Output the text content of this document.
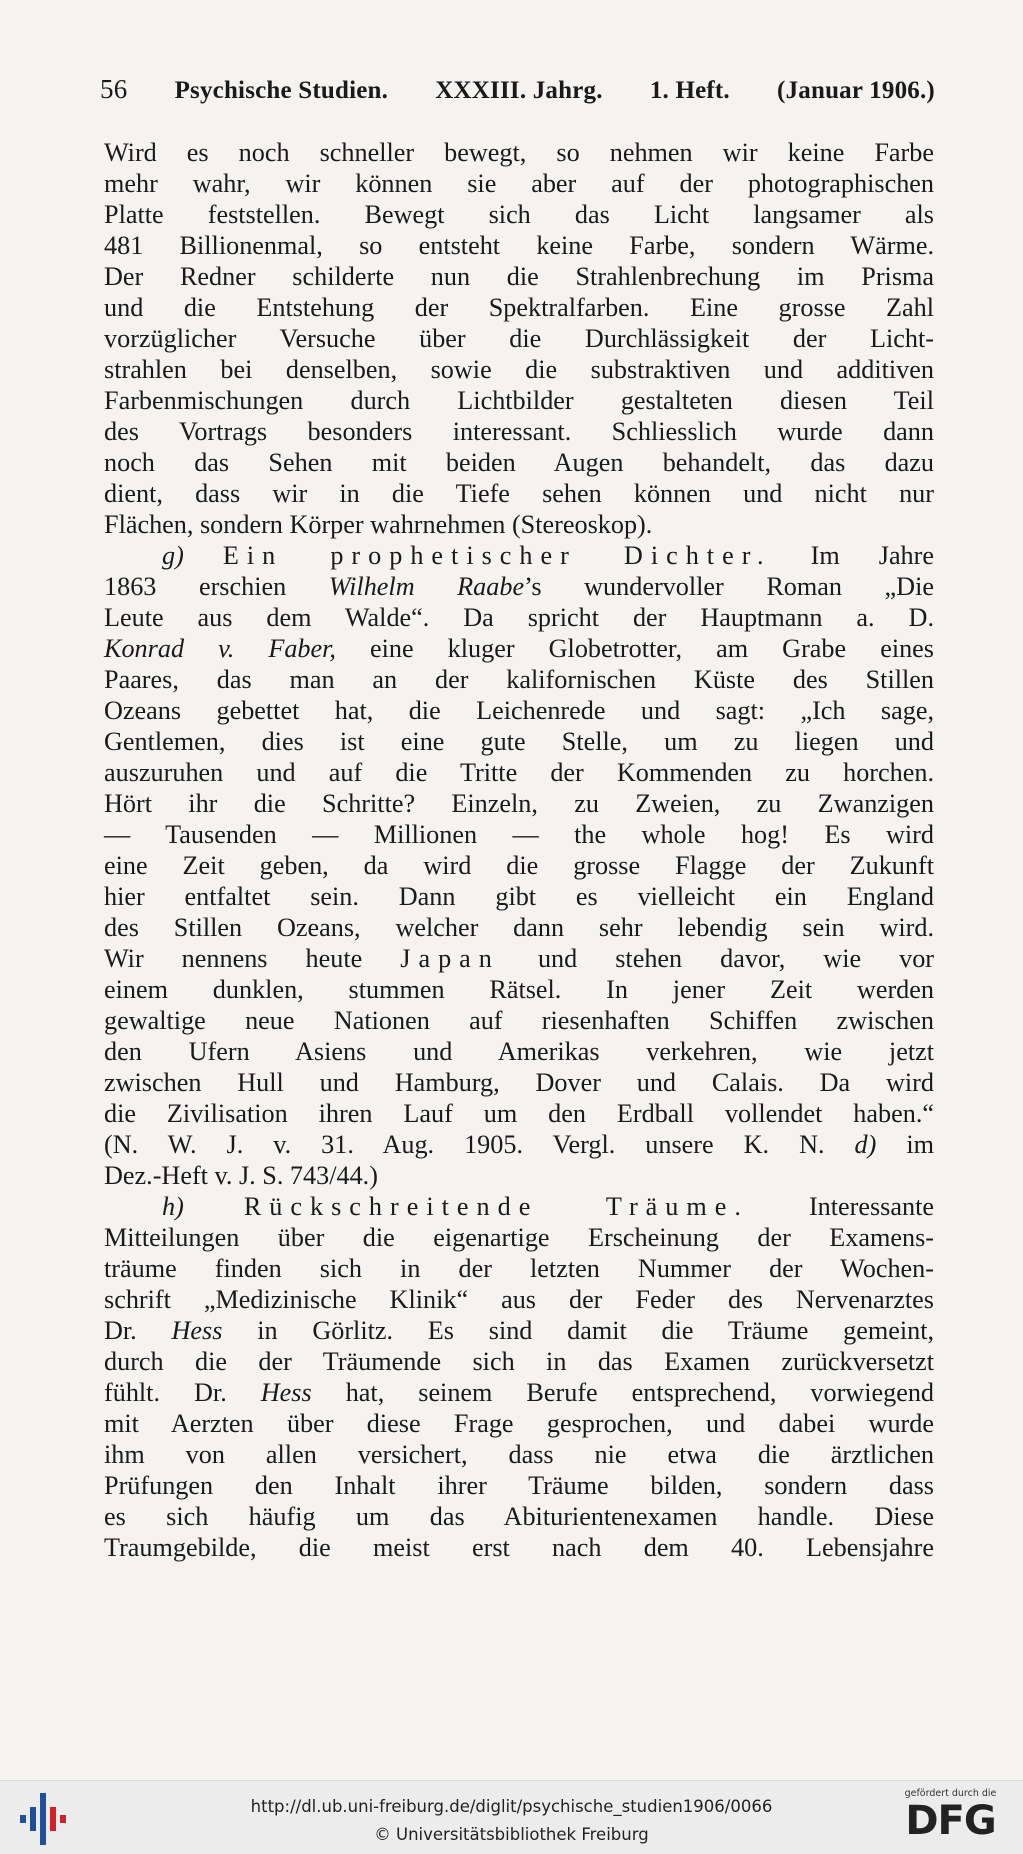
56 Psychische Studien. XXXIII. Jahrg. 1. Heft. (Januar 1906.)
Wird es noch schneller bewegt, so nehmen wir keine Farbe
mehr wahr, wir können sie aber auf der photographischen
Platte feststellen. Bewegt sich das Licht langsamer als
481 Billionenmal, so entsteht keine Farbe, sondern Wärme.
Der Redner schilderte nun die Strahlenbrechung im Prisma
und die Entstehung der Spektralfarben. Eine grosse Zahl
vorzüglicher Versuche über die Durchlässigkeit der Licht-
strahlen bei denselben, sowie die substraktiven und additiven
Farbenmischungen durch Lichtbilder gestalteten diesen Teil
des Vortrags besonders interessant. Schliesslich wurde dann
noch das Sehen mit beiden Augen behandelt, das dazu
dient, dass wir in die Tiefe sehen können und nicht nur
Flächen, sondern Körper wahrnehmen (Stereoskop).
g) Ein prophetischer Dichter. Im Jahre
1863 erschien Wilhelm Raabe’s wundervoller Roman „Die
Leute aus dem Walde“. Da spricht der Hauptmann a. D.
Konrad v. Faber, eine kluger Globetrotter, am Grabe eines
Paares, das man an der kalifornischen Küste des Stillen
Ozeans gebettet hat, die Leichenrede und sagt: „Ich sage,
Gentlemen, dies ist eine gute Stelle, um zu liegen und
auszuruhen und auf die Tritte der Kommenden zu horchen.
Hört ihr die Schritte? Einzeln, zu Zweien, zu Zwanzigen
— Tausenden — Millionen — the whole hog! Es wird
eine Zeit geben, da wird die grosse Flagge der Zukunft
hier entfaltet sein. Dann gibt es vielleicht ein England
des Stillen Ozeans, welcher dann sehr lebendig sein wird.
Wir nennens heute Japan und stehen davor, wie vor
einem dunklen, stummen Rätsel. In jener Zeit werden
gewaltige neue Nationen auf riesenhaften Schiffen zwischen
den Ufern Asiens und Amerikas verkehren, wie jetzt
zwischen Hull und Hamburg, Dover und Calais. Da wird
die Zivilisation ihren Lauf um den Erdball vollendet haben.“
(N. W. J. v. 31. Aug. 1905. Vergl. unsere K. N. d) im
Dez.-Heft v. J. S. 743/44.)
h) Rückschreitende Träume. Interessante
Mitteilungen über die eigenartige Erscheinung der Examens-
träume finden sich in der letzten Nummer der Wochen-
schrift „Medizinische Klinik“ aus der Feder des Nervenarztes
Dr. Hess in Görlitz. Es sind damit die Träume gemeint,
durch die der Träumende sich in das Examen zurückversetzt
fühlt. Dr. Hess hat, seinem Berufe entsprechend, vorwiegend
mit Aerzten über diese Frage gesprochen, und dabei wurde
ihm von allen versichert, dass nie etwa die ärztlichen
Prüfungen den Inhalt ihrer Träume bilden, sondern dass
es sich häufig um das Abiturientenexamen handle. Diese
Traumgebilde, die meist erst nach dem 40. Lebensjahre
http://dl.ub.uni-freiburg.de/diglit/psychische_studien1906/0066
© Universitätsbibliothek Freiburg
gefördert durch die
DFG
